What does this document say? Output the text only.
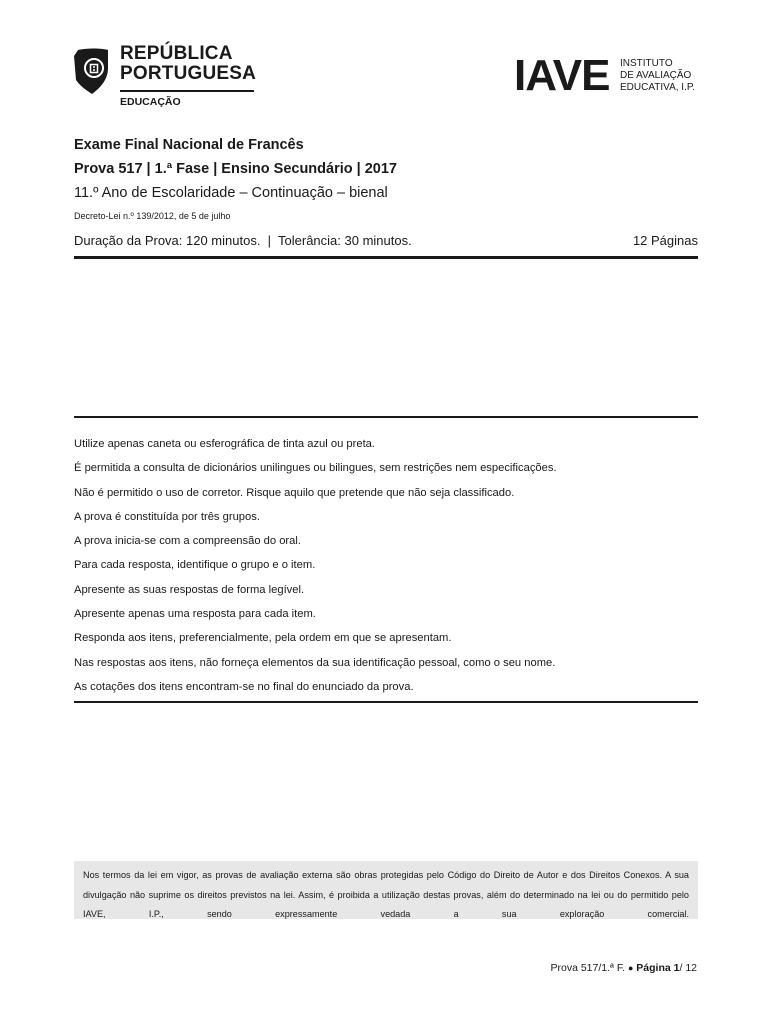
REPÚBLICA
PORTUGUESA
EDUCAÇÃO
IAVE INSTITUTO
DE AVALIAÇÃO
EDUCATIVA, I.P.

Exame Final Nacional de Francês

Prova 517 | 1.ª Fase | Ensino Secundário | 2017

11.º Ano de Escolaridade – Continuação – bienal

Decreto-Lei n.º 139/2012, de 5 de julho

Duração da Prova: 120 minutos.  |  Tolerância: 30 minutos.	12 Páginas
Utilize apenas caneta ou esferográfica de tinta azul ou preta.
É permitida a consulta de dicionários unilingues ou bilingues, sem restrições nem especificações.
Não é permitido o uso de corretor. Risque aquilo que pretende que não seja classificado.
A prova é constituída por três grupos.
A prova inicia-se com a compreensão do oral.
Para cada resposta, identifique o grupo e o item.
Apresente as suas respostas de forma legível.
Apresente apenas uma resposta para cada item.
Responda aos itens, preferencialmente, pela ordem em que se apresentam.
Nas respostas aos itens, não forneça elementos da sua identificação pessoal, como o seu nome.
As cotações dos itens encontram-se no final do enunciado da prova.
Nos termos da lei em vigor, as provas de avaliação externa são obras protegidas pelo Código do Direito de Autor e dos Direitos Conexos. A sua divulgação não suprime os direitos previstos na lei. Assim, é proibida a utilização destas provas, além do determinado na lei ou do permitido pelo IAVE, I.P., sendo expressamente vedada a sua exploração comercial.
Prova 517/1.ª F. ● Página 1/ 12
